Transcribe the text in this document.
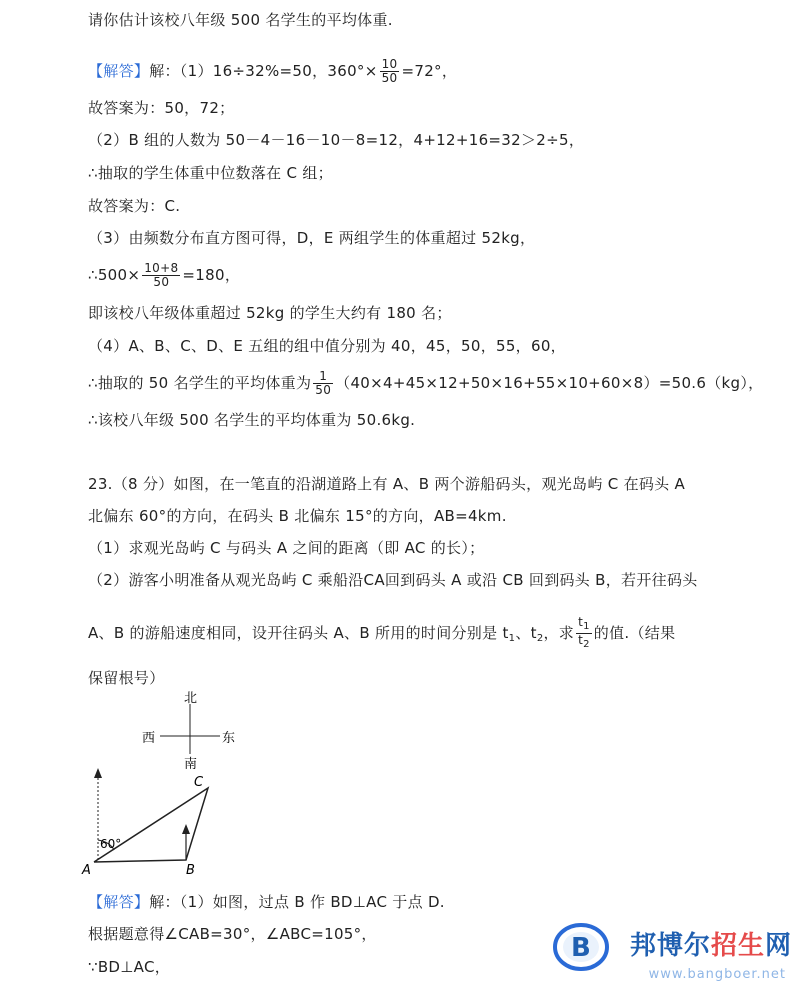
请你估计该校八年级 500 名学生的平均体重.
【解答】解：（1）16÷32%=50，$360^\circ\times \frac{10}{50} =72^\circ$，
故答案为：50，72；
（2）B 组的人数为 50－4－16－10－8=12，4+12+16=32＞2÷5，
∴抽取的学生体重中位数落在 C 组；
故答案为：C.
（3）由频数分布直方图可得，D，E 两组学生的体重超过 52kg，
∴500× $\frac{10+8}{50} =180$，
即该校八年级体重超过 52kg 的学生大约有 180 名；
（4）A、B、C、D、E 五组的组中值分别为 40，45，50，55，60，
∴抽取的 50 名学生的平均体重为 $\frac{1}{50} (40\times 4+45\times 12+50\times 16+55\times 10+60\times 8)=50.6(kg)$，
∴该校八年级 500 名学生的平均体重为 50.6kg.
23.（8 分）如图，在一笔直的沿湖道路上有 A、B 两个游船码头，观光岛屿 C 在码头 A
北偏东 60°的方向，在码头 B 北偏东 15°的方向，AB=4km.
（1）求观光岛屿 C 与码头 A 之间的距离（即 AC 的长）；
（2）游客小明准备从观光岛屿 C 乘船沿CA回到码头 A 或沿 CB 回到码头 B，若开往码头
A、B 的游船速度相同，设开往码头 A、B 所用的时间分别是 $t_1$、$t_2$，求 $\frac{t_1}{t_2}$ 的值.（结果
保留根号）
北
南
西	东
60°
C
A	B
【解答】解：（1）如图，过点 B 作 BD⊥AC 于点 D.
根据题意得∠CAB=30°，∠ABC=105°，
∵BD⊥AC，
B 邦博尔招生网
www.bangboer.net
